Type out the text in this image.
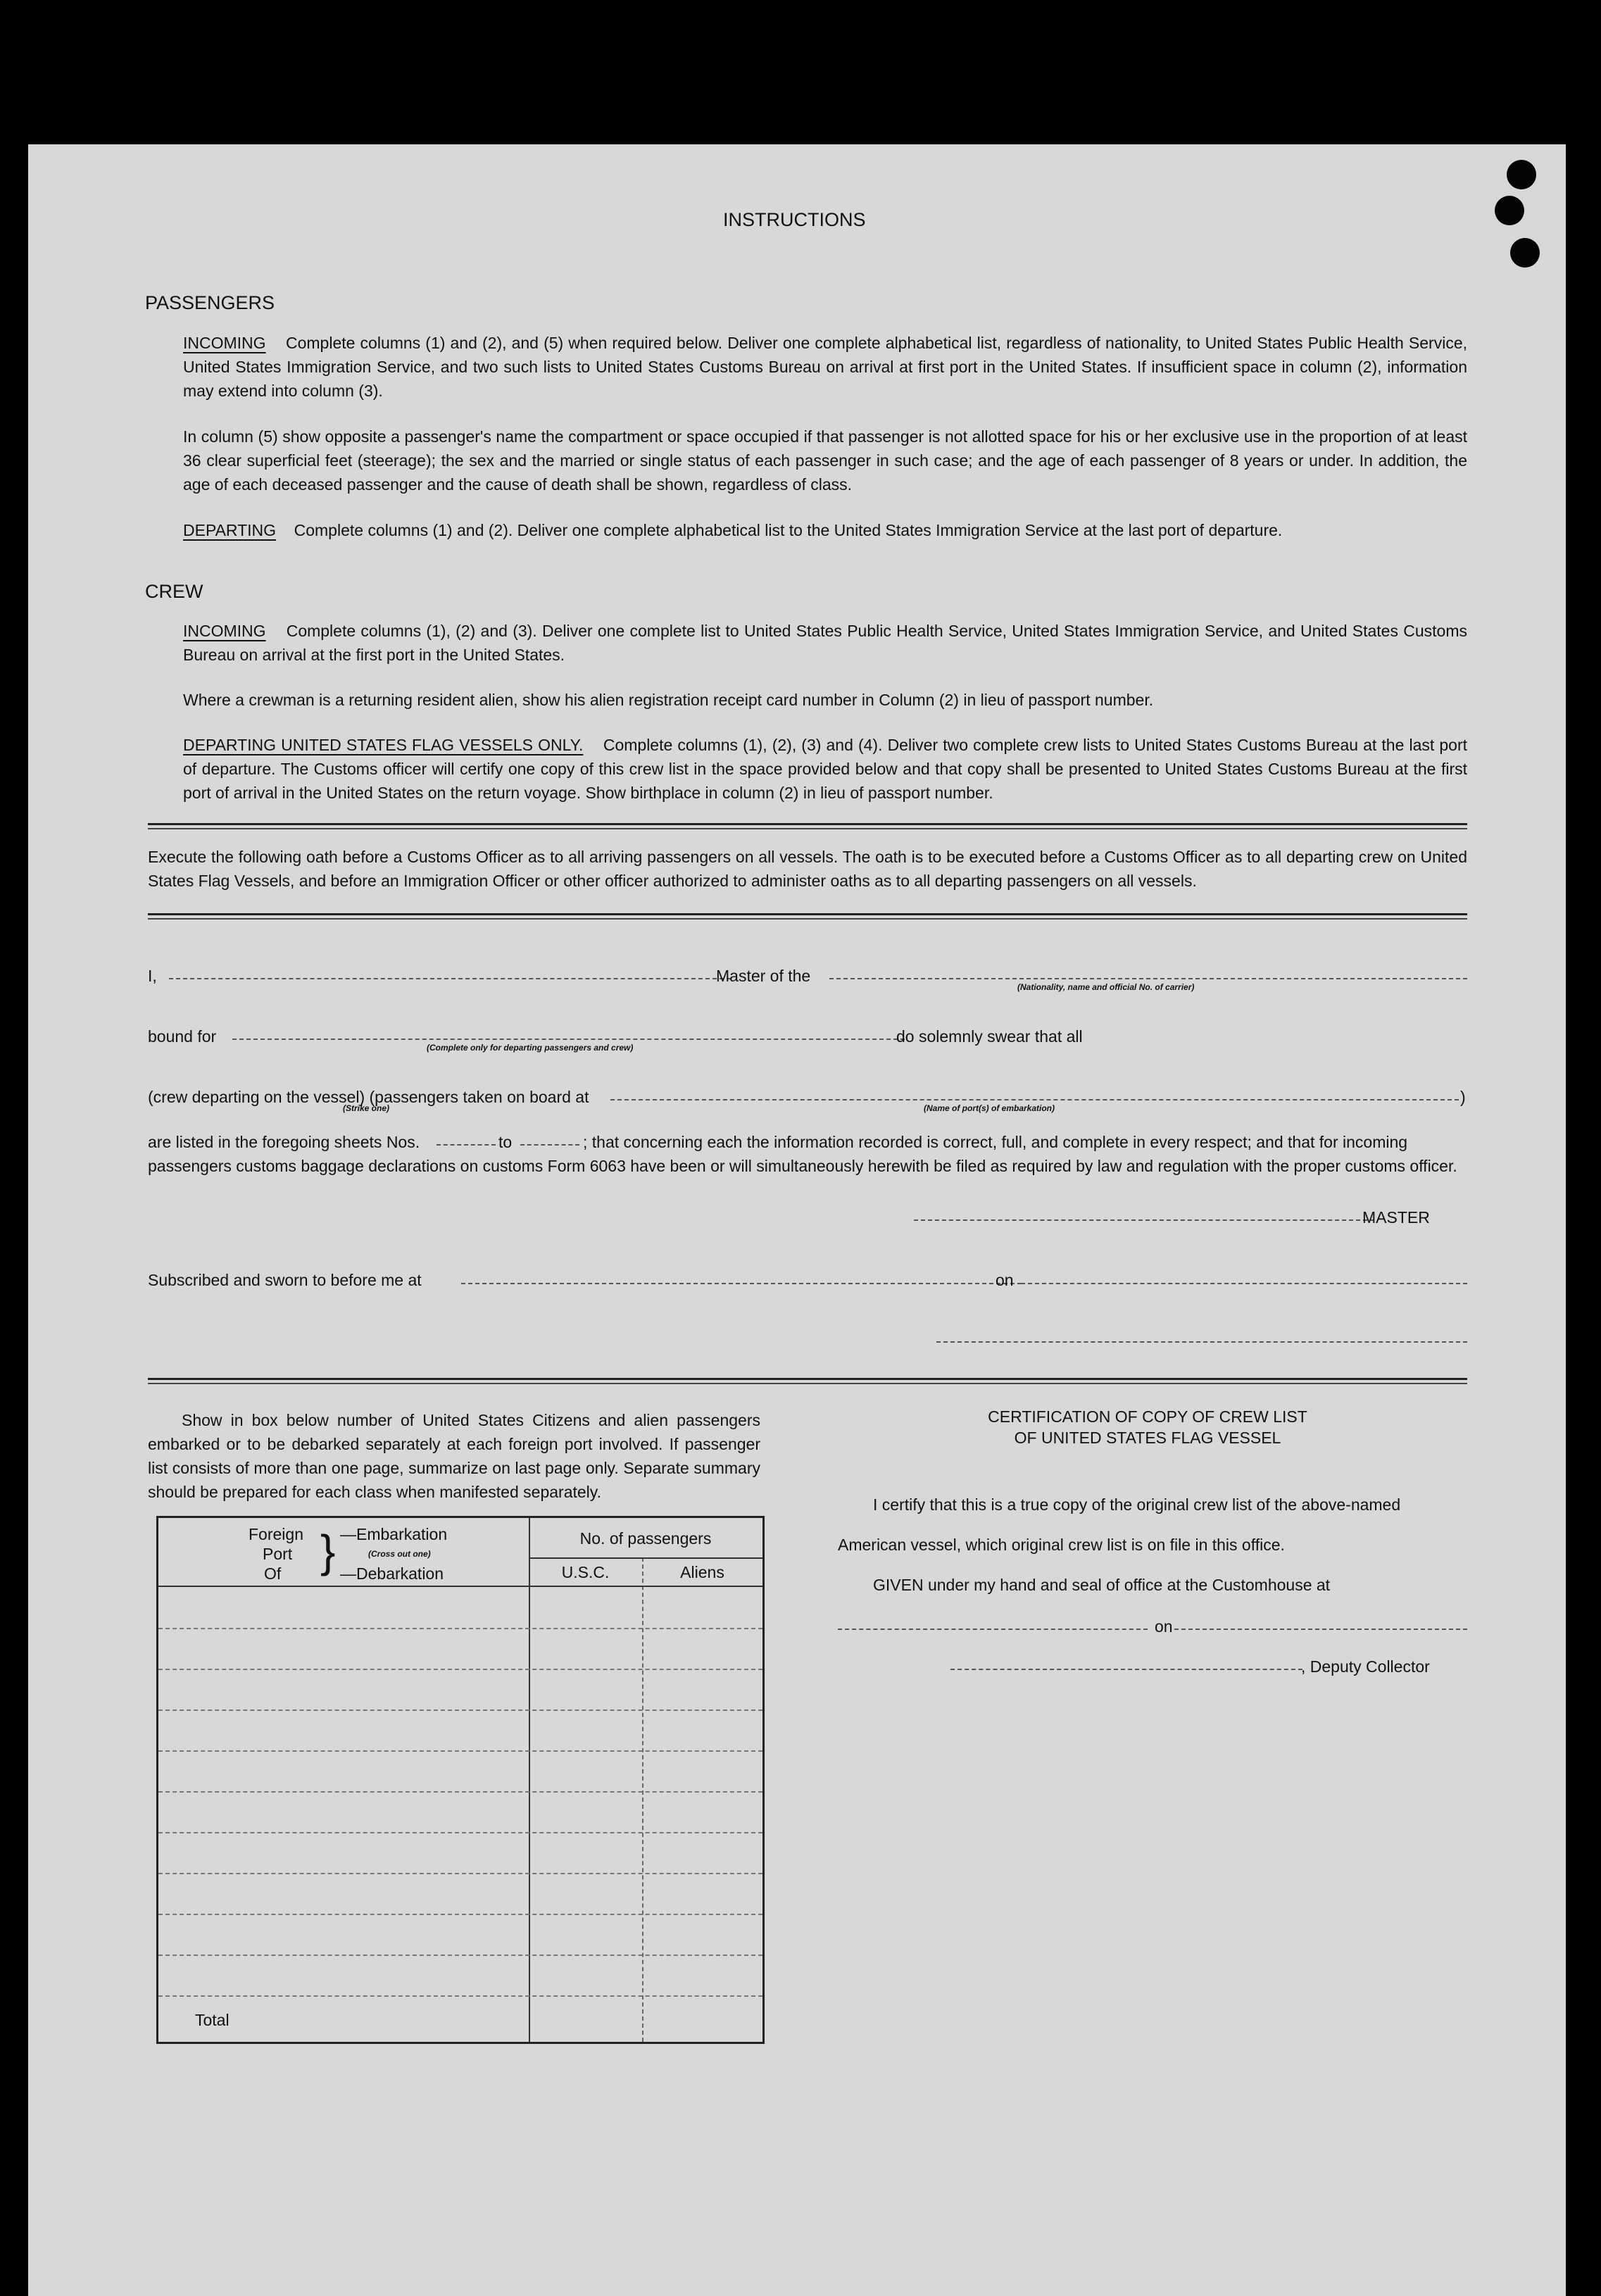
INSTRUCTIONS
PASSENGERS
INCOMING Complete columns (1) and (2), and (5) when required below. Deliver one complete alphabetical list, regardless of nationality, to United States Public Health Service, United States Immigration Service, and two such lists to United States Customs Bureau on arrival at first port in the United States. If insufficient space in column (2), information may extend into column (3).
In column (5) show opposite a passenger's name the compartment or space occupied if that passenger is not allotted space for his or her exclusive use in the proportion of at least 36 clear superficial feet (steerage); the sex and the married or single status of each passenger in such case; and the age of each passenger of 8 years or under. In addition, the age of each deceased passenger and the cause of death shall be shown, regardless of class.
DEPARTING Complete columns (1) and (2). Deliver one complete alphabetical list to the United States Immigration Service at the last port of departure.
CREW
INCOMING Complete columns (1), (2) and (3). Deliver one complete list to United States Public Health Service, United States Immigration Service, and United States Customs Bureau on arrival at the first port in the United States.
Where a crewman is a returning resident alien, show his alien registration receipt card number in Column (2) in lieu of passport number.
DEPARTING UNITED STATES FLAG VESSELS ONLY. Complete columns (1), (2), (3) and (4). Deliver two complete crew lists to United States Customs Bureau at the last port of departure. The Customs officer will certify one copy of this crew list in the space provided below and that copy shall be presented to United States Customs Bureau at the first port of arrival in the United States on the return voyage. Show birthplace in column (2) in lieu of passport number.
Execute the following oath before a Customs Officer as to all arriving passengers on all vessels. The oath is to be executed before a Customs Officer as to all departing crew on United States Flag Vessels, and before an Immigration Officer or other officer authorized to administer oaths as to all departing passengers on all vessels.
I,	Master of the
(Nationality, name and official No. of carrier)
bound for
(Complete only for departing passengers and crew)
do solemnly swear that all
(crew departing on the vessel) (passengers taken on board at	)
(Strike one)	(Name of port(s) of embarkation)
are listed in the foregoing sheets Nos.	to	; that concerning each the information recorded is correct, full, and complete in every respect; and that for incoming
passengers customs baggage declarations on customs Form 6063 have been or will simultaneously herewith be filed as required by law and regulation with the proper customs officer.
MASTER
Subscribed and sworn to before me at	on
Show in box below number of United States Citizens and alien passengers embarked or to be debarked separately at each foreign port involved. If passenger list consists of more than one page, summarize on last page only. Separate summary should be prepared for each class when manifested separately.
Foreign
Port
Of } —Embarkation
(Cross out one)
—Debarkation
No. of passengers
U.S.C.	Aliens
Total
CERTIFICATION OF COPY OF CREW LIST
OF UNITED STATES FLAG VESSEL
I certify that this is a true copy of the original crew list of the above-named
American vessel, which original crew list is on file in this office.
GIVEN under my hand and seal of office at the Customhouse at
on
, Deputy Collector
